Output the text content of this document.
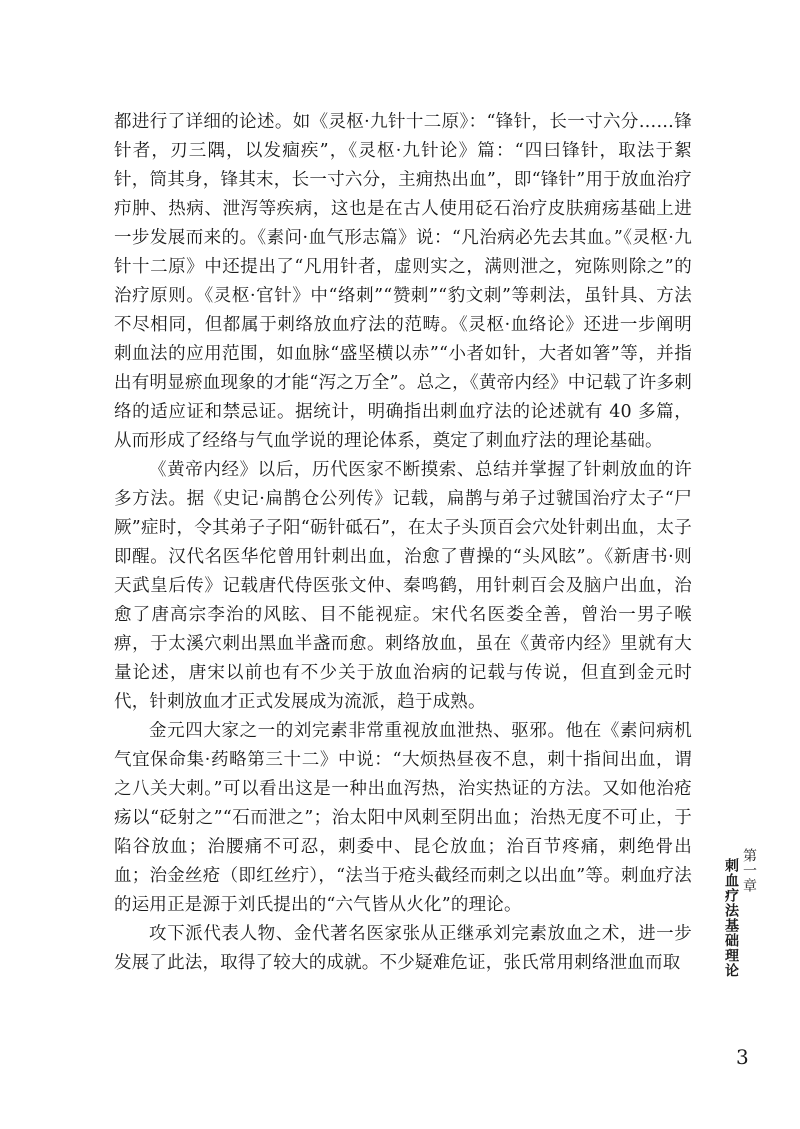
都进行了详细的论述。如《灵枢·九针十二原》：“锋针，长一寸六分……锋针者，刃三隅，以发痼疾”，《灵枢·九针论》篇：“四曰锋针，取法于絮针，筒其身，锋其末，长一寸六分，主痈热出血”，即“锋针”用于放血治疗疖肿、热病、泄泻等疾病，这也是在古人使用砭石治疗皮肤痈疡基础上进一步发展而来的。《素问·血气形志篇》说：“凡治病必先去其血。”《灵枢·九针十二原》中还提出了“凡用针者，虚则实之，满则泄之，宛陈则除之”的治疗原则。《灵枢·官针》中“络刺”“赞刺”“豹文刺”等刺法，虽针具、方法不尽相同，但都属于刺络放血疗法的范畴。《灵枢·血络论》还进一步阐明刺血法的应用范围，如血脉“盛坚横以赤”“小者如针，大者如箸”等，并指出有明显瘀血现象的才能“泻之万全”。总之，《黄帝内经》中记载了许多刺络的适应证和禁忌证。据统计，明确指出刺血疗法的论述就有 40 多篇，从而形成了经络与气血学说的理论体系，奠定了刺血疗法的理论基础。

《黄帝内经》以后，历代医家不断摸索、总结并掌握了针刺放血的许多方法。据《史记·扁鹊仓公列传》记载，扁鹊与弟子过虢国治疗太子“尸厥”症时，令其弟子子阳“砺针砥石”，在太子头顶百会穴处针刺出血，太子即醒。汉代名医华佗曾用针刺出血，治愈了曹操的“头风眩”。《新唐书·则天武皇后传》记载唐代侍医张文仲、秦鸣鹤，用针刺百会及脑户出血，治愈了唐高宗李治的风眩、目不能视症。宋代名医娄全善，曾治一男子喉痹，于太溪穴刺出黑血半盏而愈。刺络放血，虽在《黄帝内经》里就有大量论述，唐宋以前也有不少关于放血治病的记载与传说，但直到金元时代，针刺放血才正式发展成为流派，趋于成熟。

金元四大家之一的刘完素非常重视放血泄热、驱邪。他在《素问病机气宜保命集·药略第三十二》中说：“大烦热昼夜不息，刺十指间出血，谓之八关大刺。”可以看出这是一种出血泻热，治实热证的方法。又如他治疮疡以“砭射之”“石而泄之”；治太阳中风刺至阴出血；治热无度不可止，于陷谷放血；治腰痛不可忍，刺委中、昆仑放血；治百节疼痛，刺绝骨出血；治金丝疮（即红丝疔），“法当于疮头截经而刺之以出血”等。刺血疗法的运用正是源于刘氏提出的“六气皆从火化”的理论。

攻下派代表人物、金代著名医家张从正继承刘完素放血之术，进一步发展了此法，取得了较大的成就。不少疑难危证，张氏常用刺络泄血而取

第一章
刺血疗法基础理论
3
